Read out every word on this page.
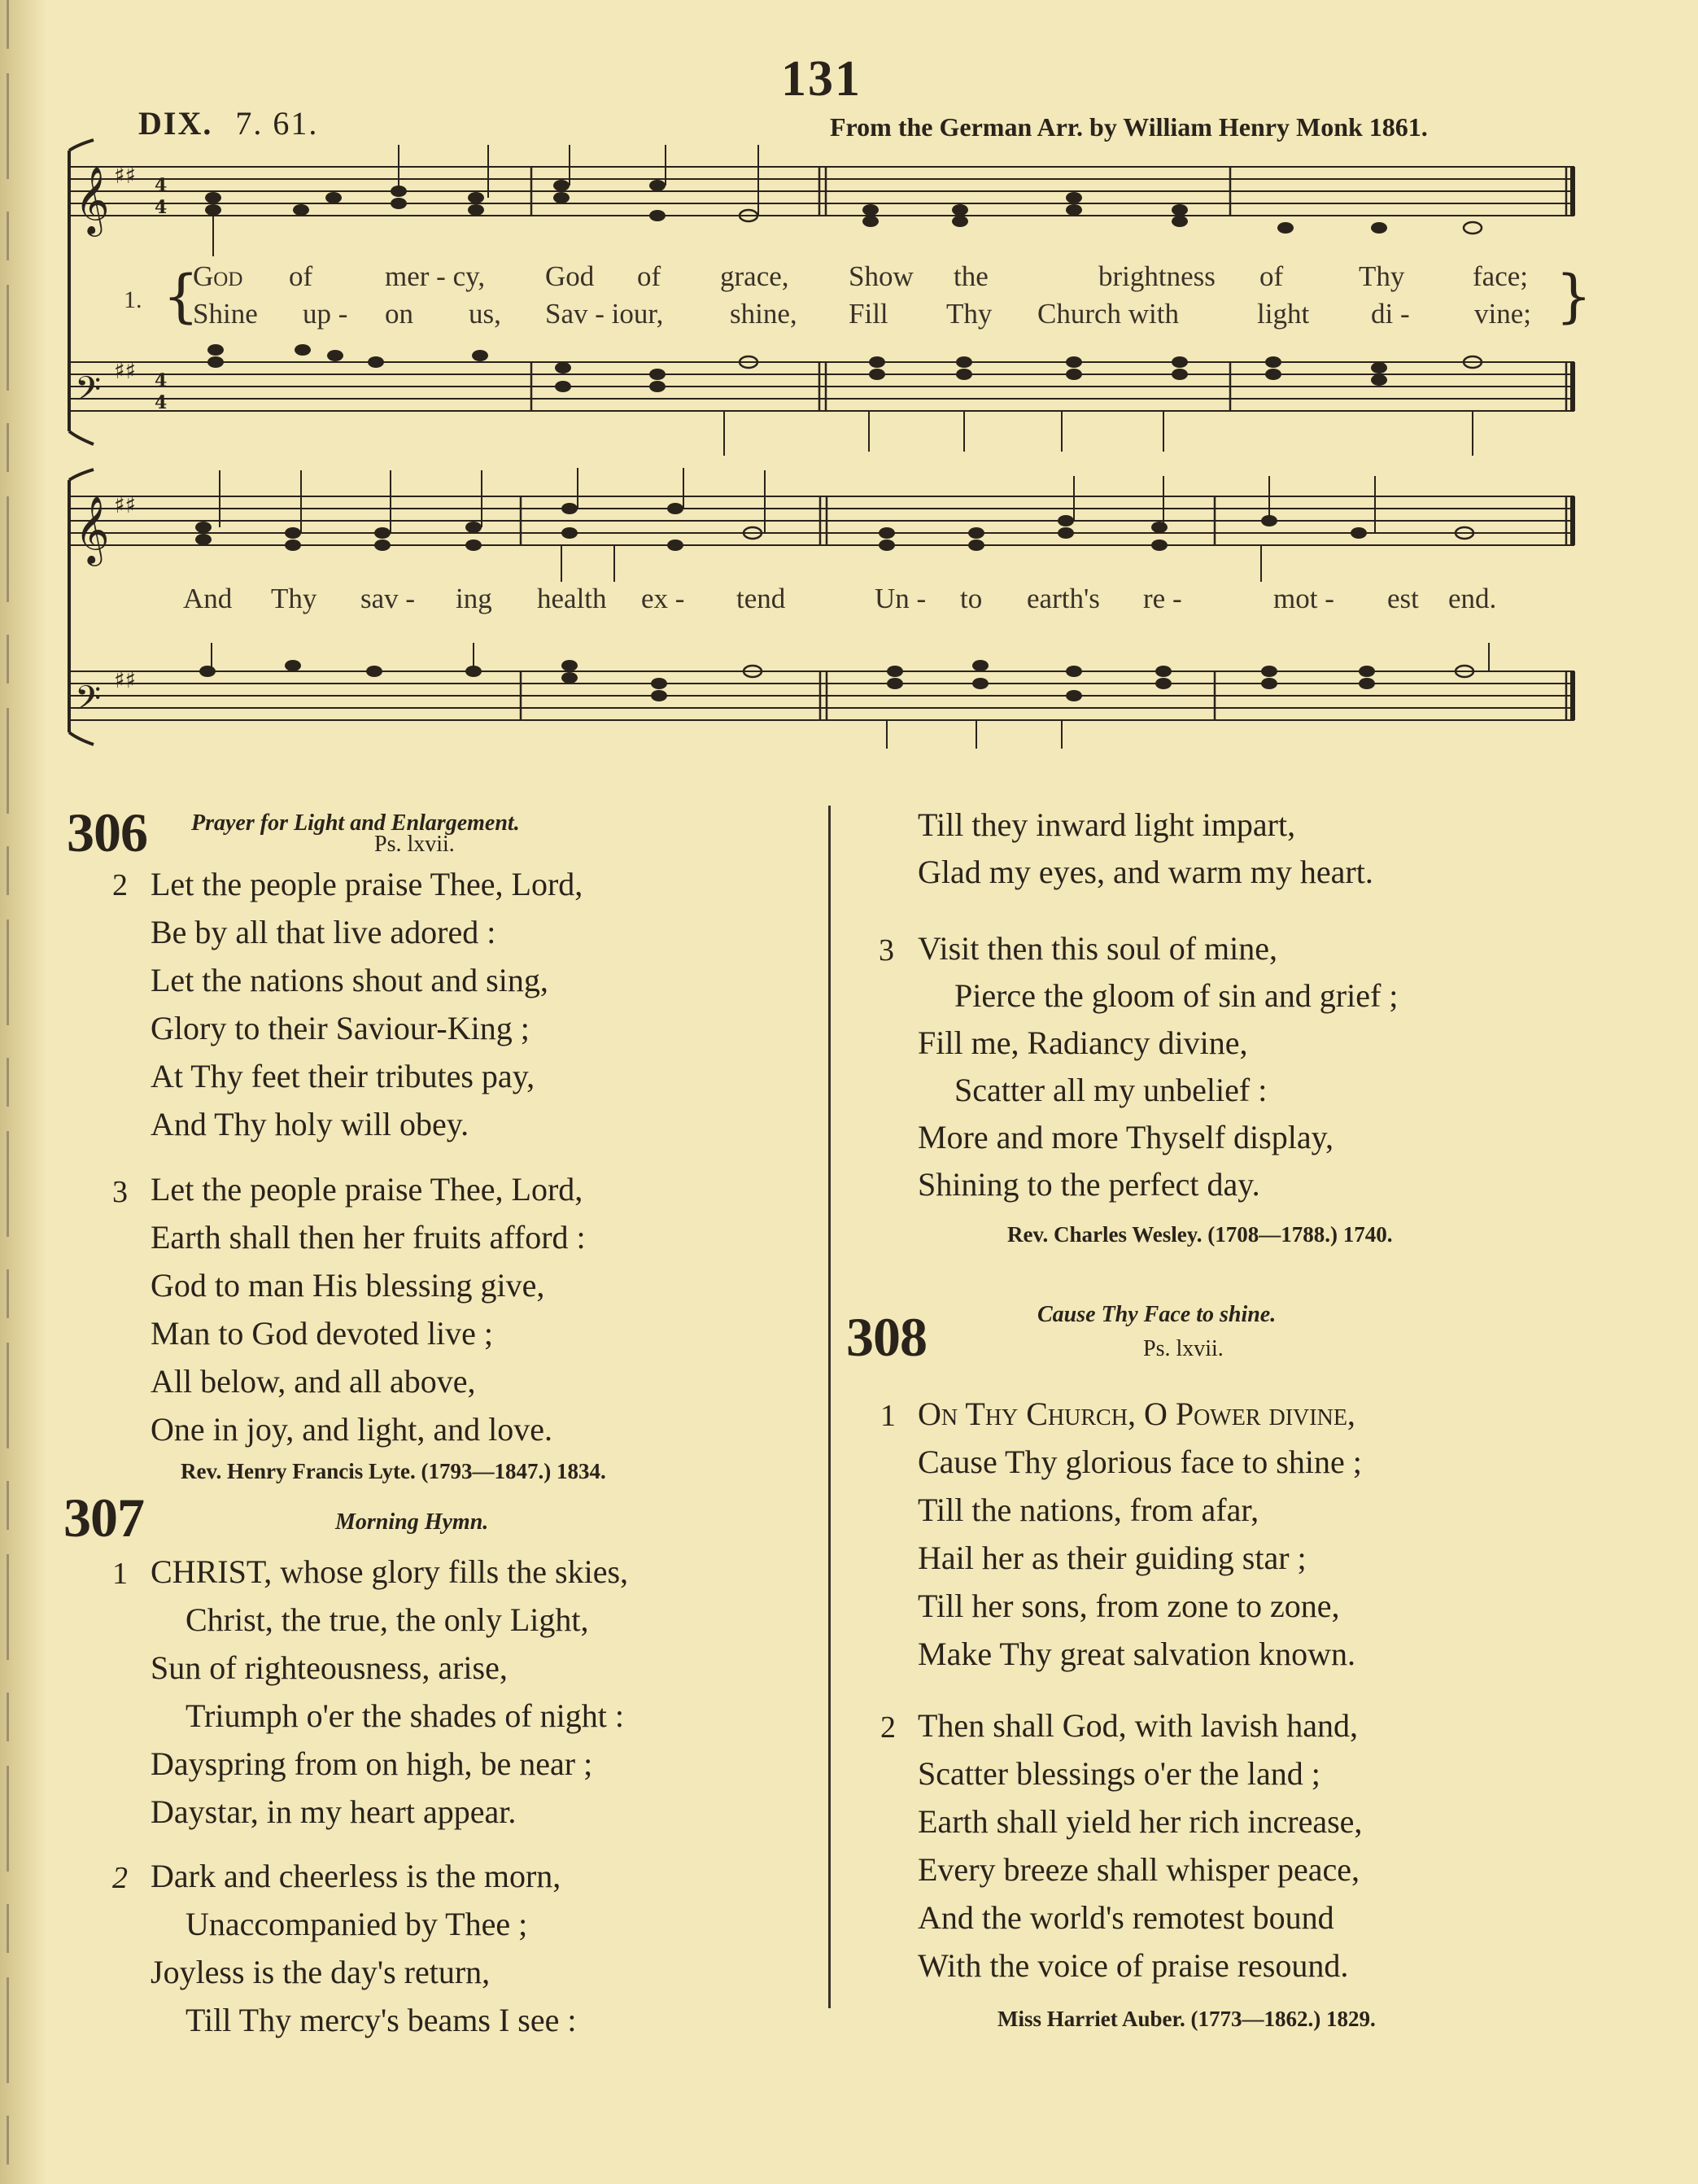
131
DIX. 7. 61.	From the German Arr. by William Henry Monk 1861.
𝄞
𝄢
𝄞
𝄢
♯♯
♯♯
♯♯
♯♯
4
4
4
4
{	}
1.
God of	mer - cy, God of grace, Show the	brightness of	Thy face;
Shine up - on us, Sav - iour, shine, Fill Thy Church with	light di - vine;
And Thy sav - ing health ex - tend	Un - to earth's re -	mot - est end.
306 Prayer for Light and Enlargement.
Ps. lxvii.
2 Let the people praise Thee, Lord,
Be by all that live adored :
Let the nations shout and sing,
Glory to their Saviour-King ;
At Thy feet their tributes pay,
And Thy holy will obey.
3 Let the people praise Thee, Lord,
Earth shall then her fruits afford :
God to man His blessing give,
Man to God devoted live ;
All below, and all above,
One in joy, and light, and love.
Rev. Henry Francis Lyte. (1793—1847.) 1834.
307	Morning Hymn.
1 CHRIST, whose glory fills the skies,
Christ, the true, the only Light,
Sun of righteousness, arise,
Triumph o'er the shades of night :
Dayspring from on high, be near ;
Daystar, in my heart appear.
2 Dark and cheerless is the morn,
Unaccompanied by Thee ;
Joyless is the day's return,
Till Thy mercy's beams I see :
Till they inward light impart,
Glad my eyes, and warm my heart.
3 Visit then this soul of mine,
Pierce the gloom of sin and grief ;
Fill me, Radiancy divine,
Scatter all my unbelief :
More and more Thyself display,
Shining to the perfect day.
Rev. Charles Wesley. (1708—1788.) 1740.
308	Cause Thy Face to shine.
Ps. lxvii.
1 On Thy Church, O Power divine,
Cause Thy glorious face to shine ;
Till the nations, from afar,
Hail her as their guiding star ;
Till her sons, from zone to zone,
Make Thy great salvation known.
2 Then shall God, with lavish hand,
Scatter blessings o'er the land ;
Earth shall yield her rich increase,
Every breeze shall whisper peace,
And the world's remotest bound
With the voice of praise resound.
Miss Harriet Auber. (1773—1862.) 1829.
